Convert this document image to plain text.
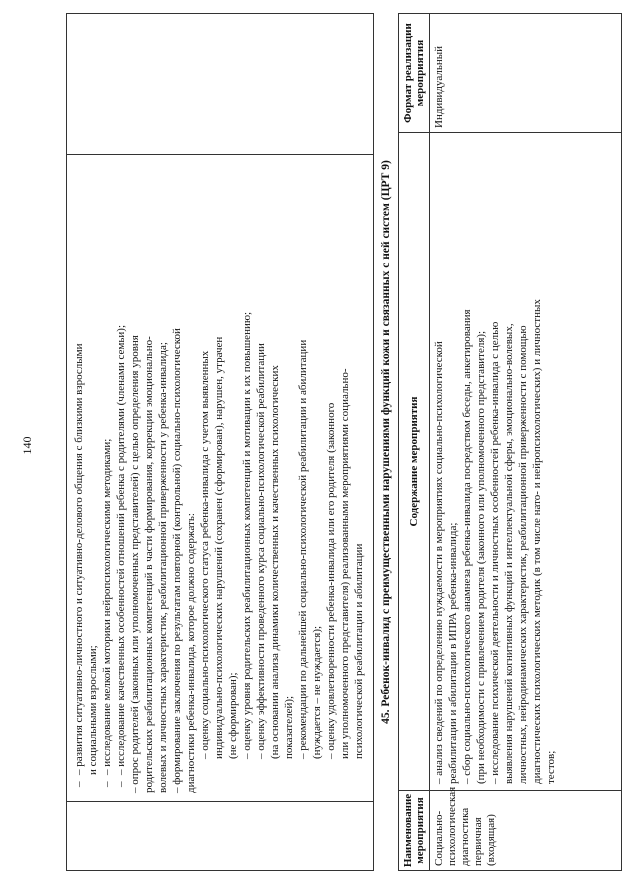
140	– – развития ситуативно-личностного и ситуативно-делового общения с близкими взрослыми и социальными взрослыми; – – исследование мелкой моторики нейропсихологическими методиками; – – исследование качественных особенностей отношений ребенка с родителями (членами семьи); – опрос родителей (законных или уполномоченных представителей) с целью определения уровня родительских реабилитационных компетенций в части формирования, коррекции эмоционально- волевых и личностных характеристик, реабилитационной приверженности у ребенка-инвалида; – формирование заключения по результатам повторной (контрольной) социально-психологической диагностики ребенка-инвалида, которое должно содержать: – оценку социально-психологического статуса ребенка-инвалида с учетом выявленных индивидуально-психологических нарушений (сохранен (сформирован), нарушен, утрачен (не сформирован); – оценку уровня родительских реабилитационных компетенций и мотивации к их повышению; – оценку эффективности проведенного курса социально-психологической реабилитации (на основании анализа динамики количественных и качественных психологических показателей); – рекомендации по дальнейшей социально-психологической реабилитации и абилитации (нуждается – не нуждается); – оценку удовлетворенности ребенка-инвалида или его родителя (законного или уполномоченного представителя) реализованными мероприятиями социально- психологической реабилитации и абилитации 45. Ребенок-инвалид с преимущественными нарушениями функций кожи и связанных с ней систем (ЦРТ 9)
Наименование мероприятия
Содержание мероприятия
Формат реализации мероприятия
Социально-психологическая диагностика первичная (входящая)
– анализ сведений по определению нуждаемости в мероприятиях социально-психологической реабилитации и абилитации в ИПРА ребенка-инвалида; – сбор социально-психологического анамнеза ребенка-инвалида посредством беседы, анкетирования (при необходимости с привлечением родителя (законного или уполномоченного представителя); – исследование психической деятельности и личностных особенностей ребенка-инвалида с целью выявления нарушений когнитивных функций и интеллектуальной сферы, эмоционально-волевых, личностных, нейродинамических характеристик, реабилитационной приверженности с помощью диагностических психологических методик (в том числе нато- и нейропсихологических) и личностных тестов;
Индивидуальный
